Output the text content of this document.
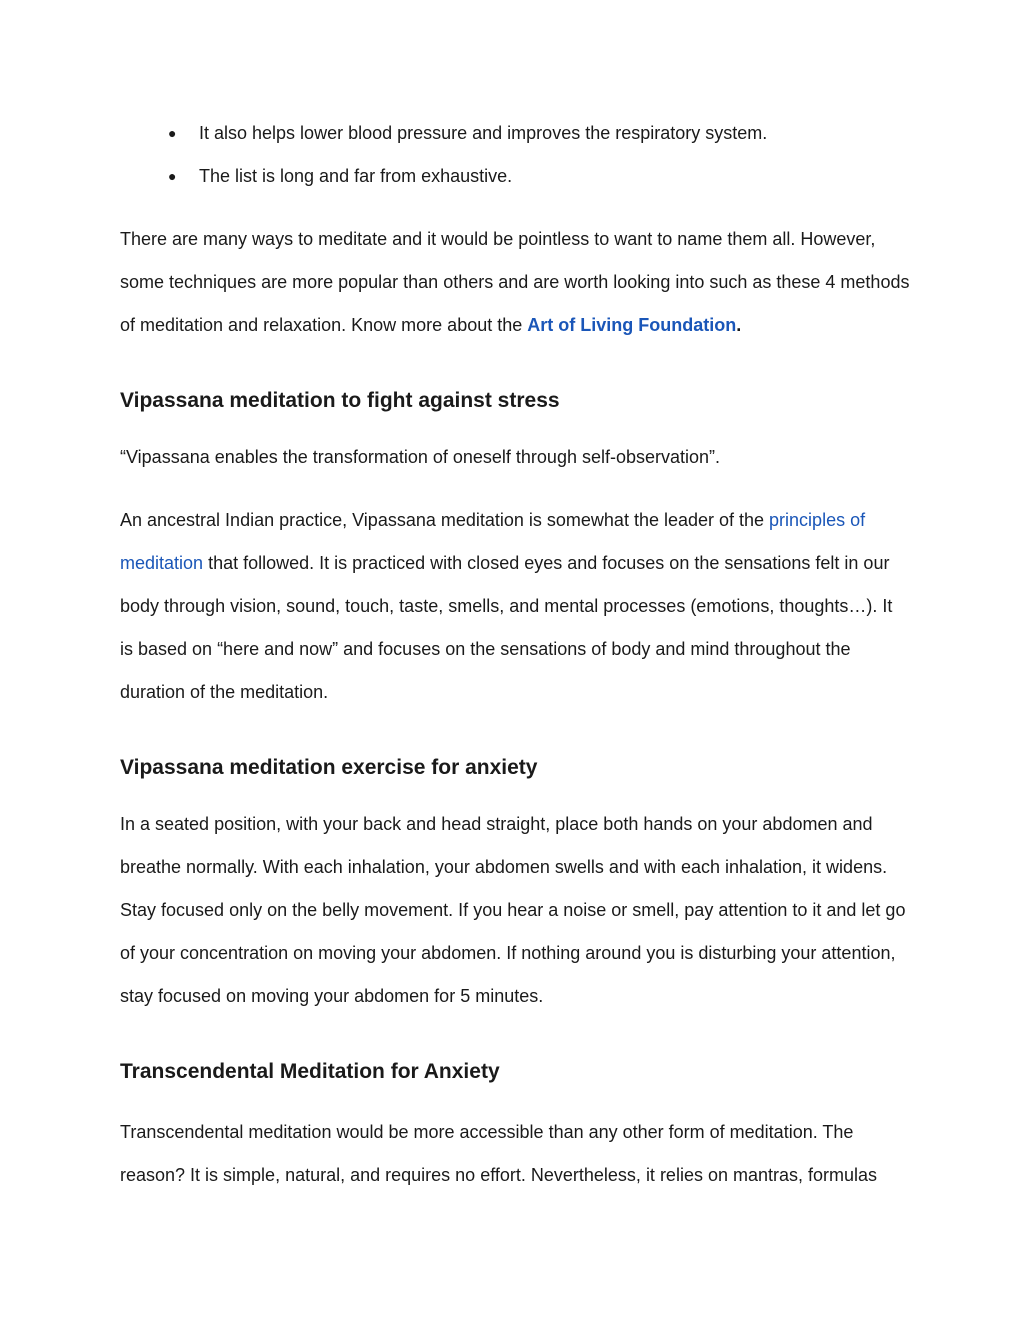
● It also helps lower blood pressure and improves the respiratory system.
● The list is long and far from exhaustive.

There are many ways to meditate and it would be pointless to want to name them all. However, some techniques are more popular than others and are worth looking into such as these 4 methods of meditation and relaxation. Know more about the Art of Living Foundation.

Vipassana meditation to fight against stress

“Vipassana enables the transformation of oneself through self-observation”.

An ancestral Indian practice, Vipassana meditation is somewhat the leader of the principles of meditation that followed. It is practiced with closed eyes and focuses on the sensations felt in our body through vision, sound, touch, taste, smells, and mental processes (emotions, thoughts…). It is based on “here and now” and focuses on the sensations of body and mind throughout the duration of the meditation.

Vipassana meditation exercise for anxiety

In a seated position, with your back and head straight, place both hands on your abdomen and breathe normally. With each inhalation, your abdomen swells and with each inhalation, it widens. Stay focused only on the belly movement. If you hear a noise or smell, pay attention to it and let go of your concentration on moving your abdomen. If nothing around you is disturbing your attention, stay focused on moving your abdomen for 5 minutes.

Transcendental Meditation for Anxiety

Transcendental meditation would be more accessible than any other form of meditation. The reason? It is simple, natural, and requires no effort. Nevertheless, it relies on mantras, formulas
